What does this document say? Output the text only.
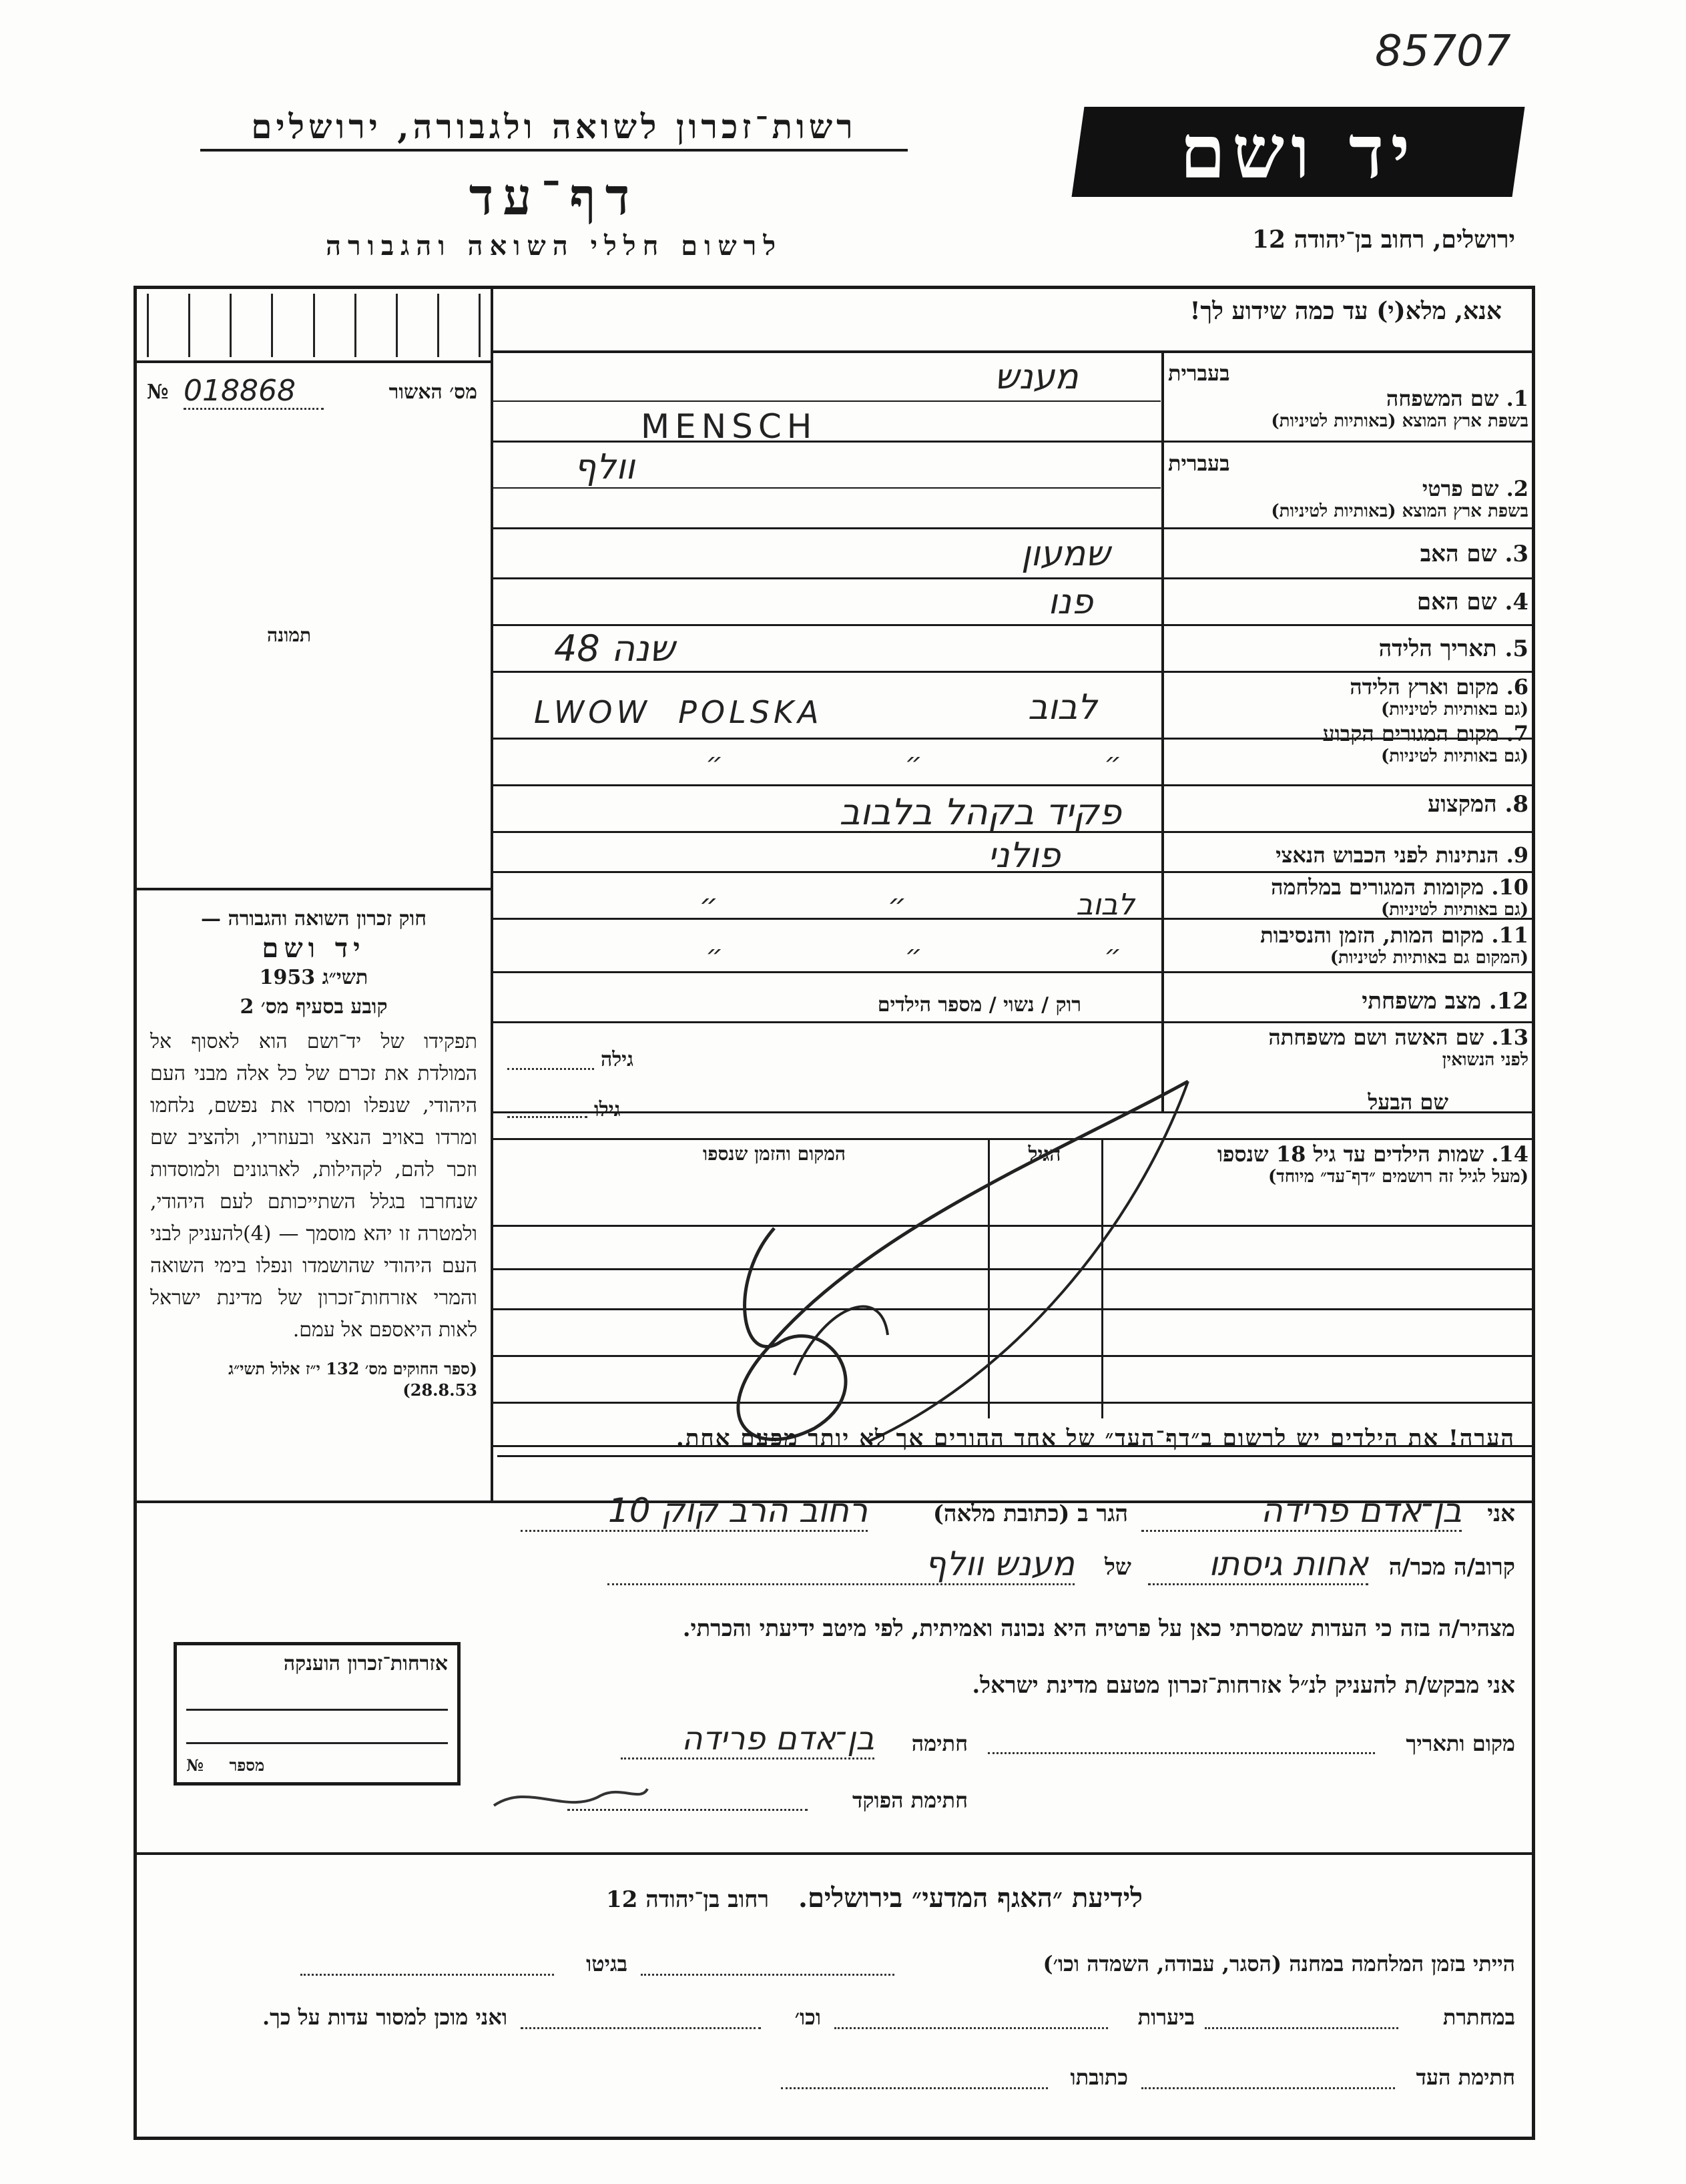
85707
רשות־זכרון לשואה ולגבורה, ירושלים
דף־עד
לרשום חללי השואה והגבורה
יד ושם
ירושלים, רחוב בן־יהודה 12
אנא, מלא(י) עד כמה שידוע לך!
№ 018868	מס׳ האשור
תמונה
חוק זכרון השואה והגבורה —
יד ושם
תשי״ג 1953
קובע בסעיף מס׳ 2
תפקידו של יד־ושם הוא לאסוף אל המולדת את זכרם של כל אלה מבני העם היהודי, שנפלו ומסרו את נפשם, נלחמו ומרדו באויב הנאצי ובעוזריו, ולהציב שם וזכר להם, לקהילות, לארגונים ולמוסדות שנחרבו בגלל השתייכותם לעם היהודי, ולמטרה זו יהא מוסמך — (4)להעניק לבני העם היהודי שהושמדו ונפלו בימי השואה והמרי אזרחות־זכרון של מדינת ישראל לאות היאספם אל עמם.
(ספר החוקים מס׳ 132 י״ז אלול תשי״ג 28.8.53)
בעברית
1. שם המשפחה
בשפת ארץ המוצא (באותיות לטיניות)
מענש
MENSCH
בעברית
2. שם פרטי
בשפת ארץ המוצא (באותיות לטיניות)
וולף
3. שם האב
שמעון
4. שם האם
פנו
5. תאריך הלידה
48 שנה
6. מקום וארץ הלידה
(גם באותיות לטיניות)
לבוב
LWOW  POLSKA
7. מקום המגורים הקבוע
(גם באותיות לטיניות)
״ ״ ״
8. המקצוע
פקיד בקהל בלבוב
9. הנתינות לפני הכבוש הנאצי
פולני
10. מקומות המגורים במלחמה
(גם באותיות לטיניות)
לבוב ״ ״
11. מקום המות, הזמן והנסיבות
(המקום גם באותיות לטיניות)
״ ״ ״
12. מצב משפחתי
רוק / נשוי / מספר הילדים
13. שם האשה ושם משפחתה
לפני הנשואין
גילה
שם הבעל
גילו
14. שמות הילדים עד גיל 18 שנספו
(מעל לגיל זה רושמים ״דף־עד״ מיוחד)
הגיל
המקום והזמן שנספו
הערה! את הילדים יש לרשום ב״דף־העד״ של אחד ההורים אך לא יותר מפעם אחת.
אני
בן־אדם פרידה
הגר ב (כתובת מלאה)
רחוב הרב קוק 10
קרוב/ה מכר/ה
אחות גיסתו
של
מענש וולף
מצהיר/ה בזה כי העדות שמסרתי כאן על פרטיה היא נכונה ואמיתית, לפי מיטב ידיעתי והכרתי.
אני מבקש/ת להעניק לנ״ל אזרחות־זכרון מטעם מדינת ישראל.
מקום ותאריך
חתימה
בן־אדם פרידה
חתימת הפוקד
אזרחות־זכרון הוענקה
№ מספר
לידיעת ״האגף המדעי״ בירושלים. רחוב בן־יהודה 12
הייתי בזמן המלחמה במחנה (הסגר, עבודה, השמדה וכו׳)
בגיטו
במחתרת
ביערות
וכו׳
ואני מוכן למסור עדות על כך.
חתימת העד
כתובתו
